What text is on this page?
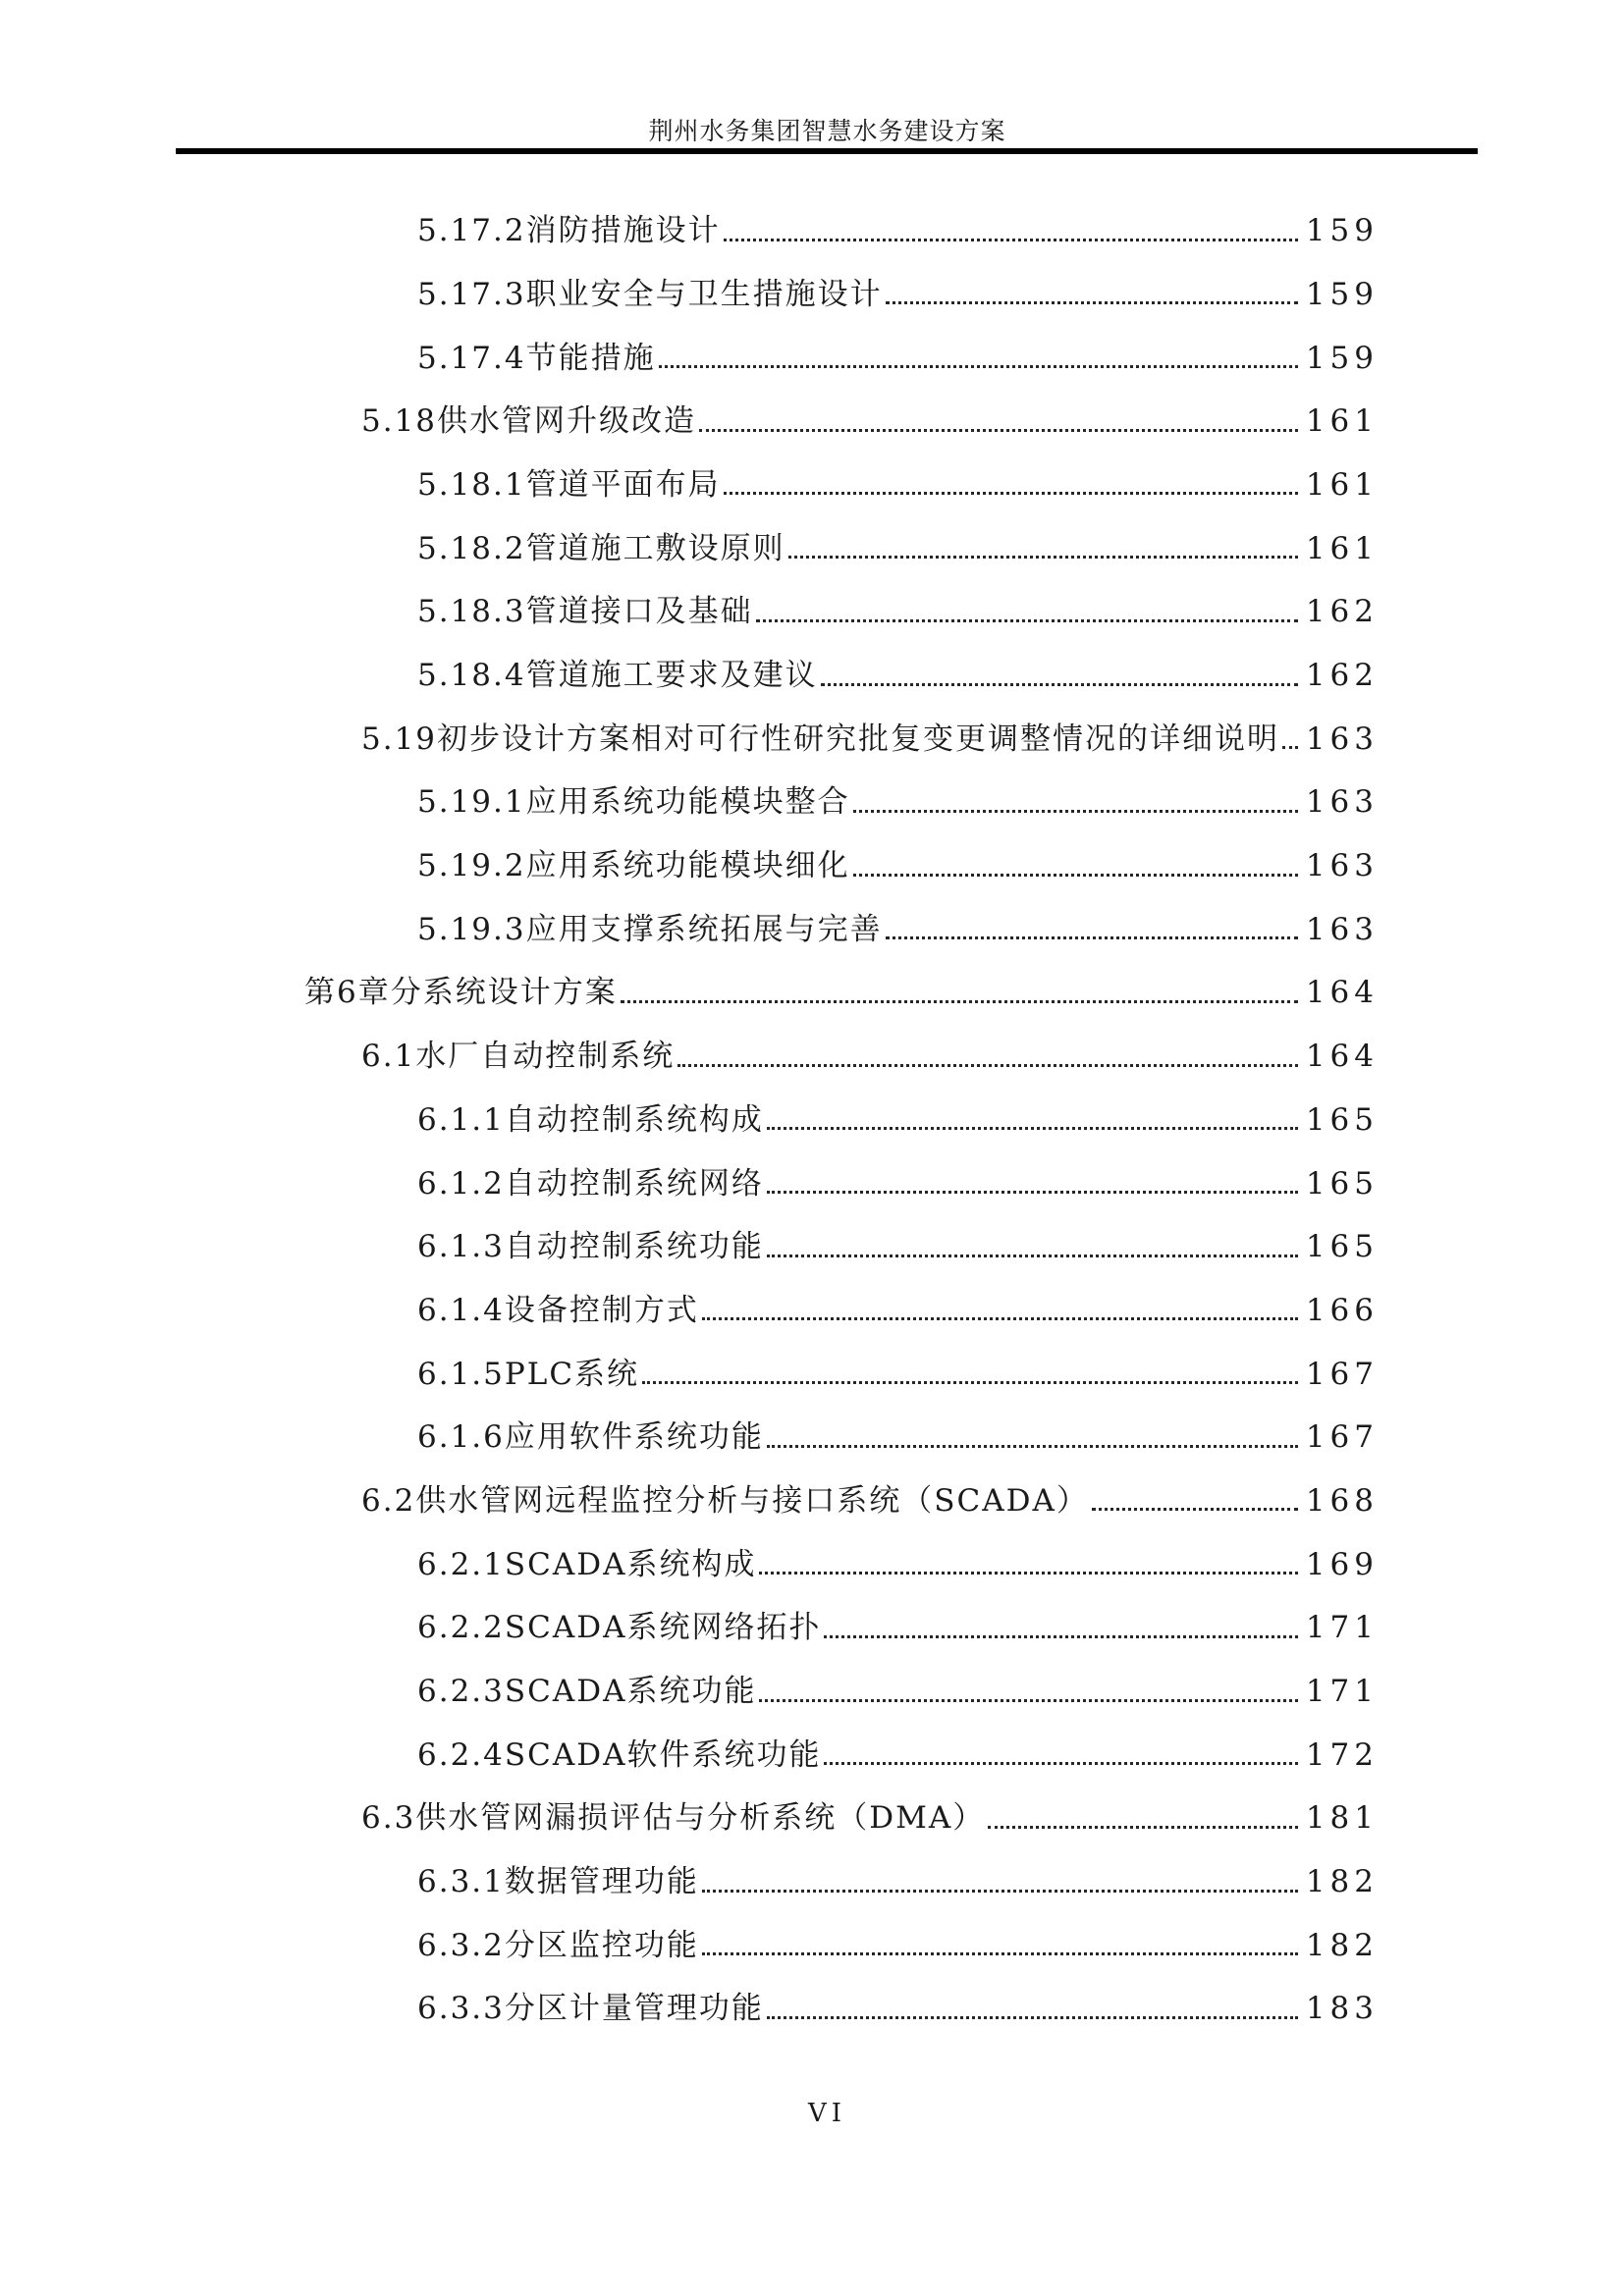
荆州水务集团智慧水务建设方案
5.17.2消防措施设计	159
5.17.3职业安全与卫生措施设计	159
5.17.4节能措施	159
5.18供水管网升级改造	161
5.18.1管道平面布局	161
5.18.2管道施工敷设原则	161
5.18.3管道接口及基础	162
5.18.4管道施工要求及建议	162
5.19初步设计方案相对可行性研究批复变更调整情况的详细说明 163
5.19.1应用系统功能模块整合	163
5.19.2应用系统功能模块细化	163
5.19.3应用支撑系统拓展与完善	163
第6章分系统设计方案	164
6.1水厂自动控制系统	164
6.1.1自动控制系统构成	165
6.1.2自动控制系统网络	165
6.1.3自动控制系统功能	165
6.1.4设备控制方式	166
6.1.5PLC系统	167
6.1.6应用软件系统功能	167
6.2供水管网远程监控分析与接口系统（SCADA）	168
6.2.1SCADA系统构成	169
6.2.2SCADA系统网络拓扑	171
6.2.3SCADA系统功能	171
6.2.4SCADA软件系统功能	172
6.3供水管网漏损评估与分析系统（DMA）	181
6.3.1数据管理功能	182
6.3.2分区监控功能	182
6.3.3分区计量管理功能	183
VI
